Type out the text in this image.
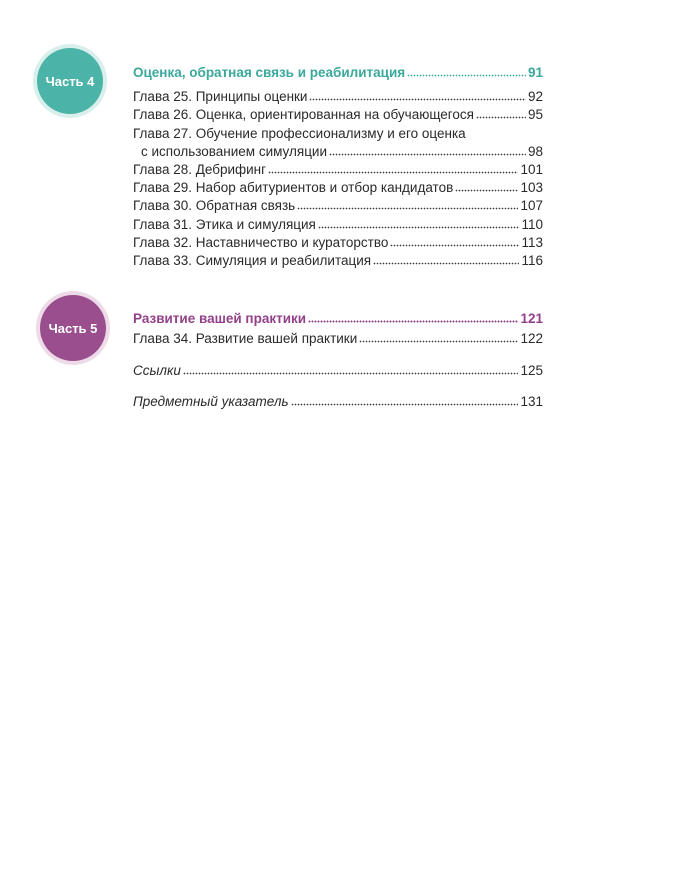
Часть 4
Оценка, обратная связь и реабилитация	91
Глава 25. Принципы оценки	92
Глава 26. Оценка, ориентированная на обучающегося	95
Глава 27. Обучение профессионализму и его оценка
с использованием симуляции	98
Глава 28. Дебрифинг	101
Глава 29. Набор абитуриентов и отбор кандидатов	103
Глава 30. Обратная связь	107
Глава 31. Этика и симуляция	110
Глава 32. Наставничество и кураторство	113
Глава 33. Симуляция и реабилитация	116
Часть 5
Развитие вашей практики	121
Глава 34. Развитие вашей практики	122
Ссылки	125
Предметный указатель	131
